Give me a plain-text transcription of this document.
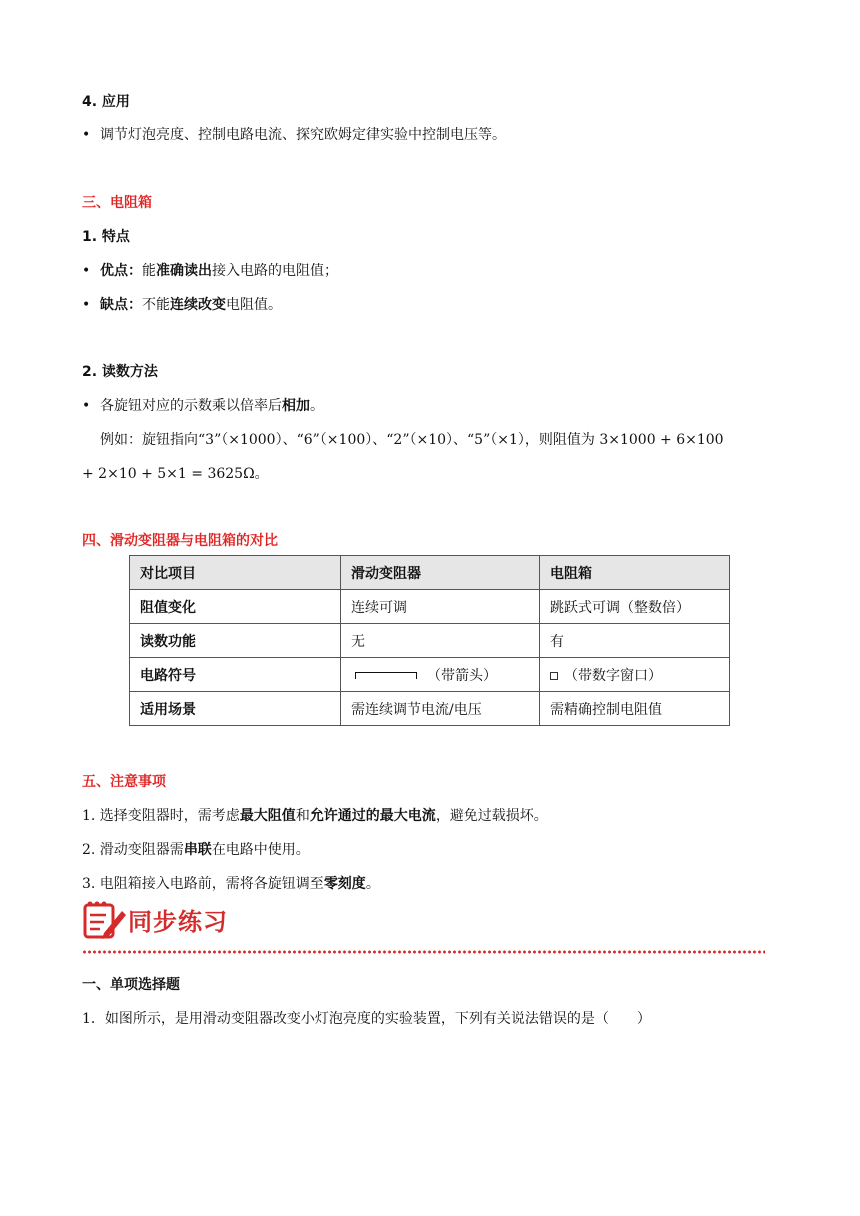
4. 应用
• 调节灯泡亮度、控制电路电流、探究欧姆定律实验中控制电压等。
三、电阻箱
1. 特点
• 优点：能准确读出接入电路的电阻值；
• 缺点：不能连续改变电阻值。
2. 读数方法
• 各旋钮对应的示数乘以倍率后相加。
例如：旋钮指向“3”（×1000）、“6”（×100）、“2”（×10）、“5”（×1），则阻值为 3×1000 + 6×100
+ 2×10 + 5×1 = 3625Ω。
四、滑动变阻器与电阻箱的对比
对比项目	滑动变阻器	电阻箱
阻值变化	连续可调	跳跃式可调（整数倍）
读数功能	无	有
电路符号	（带箭头）	（带数字窗口）
适用场景	需连续调节电流/电压	需精确控制电阻值
五、注意事项
1. 选择变阻器时，需考虑最大阻值和允许通过的最大电流，避免过载损坏。
2. 滑动变阻器需串联在电路中使用。
3. 电阻箱接入电路前，需将各旋钮调至零刻度。
同步练习
一、单项选择题
1．如图所示，是用滑动变阻器改变小灯泡亮度的实验装置，下列有关说法错误的是（　　）
